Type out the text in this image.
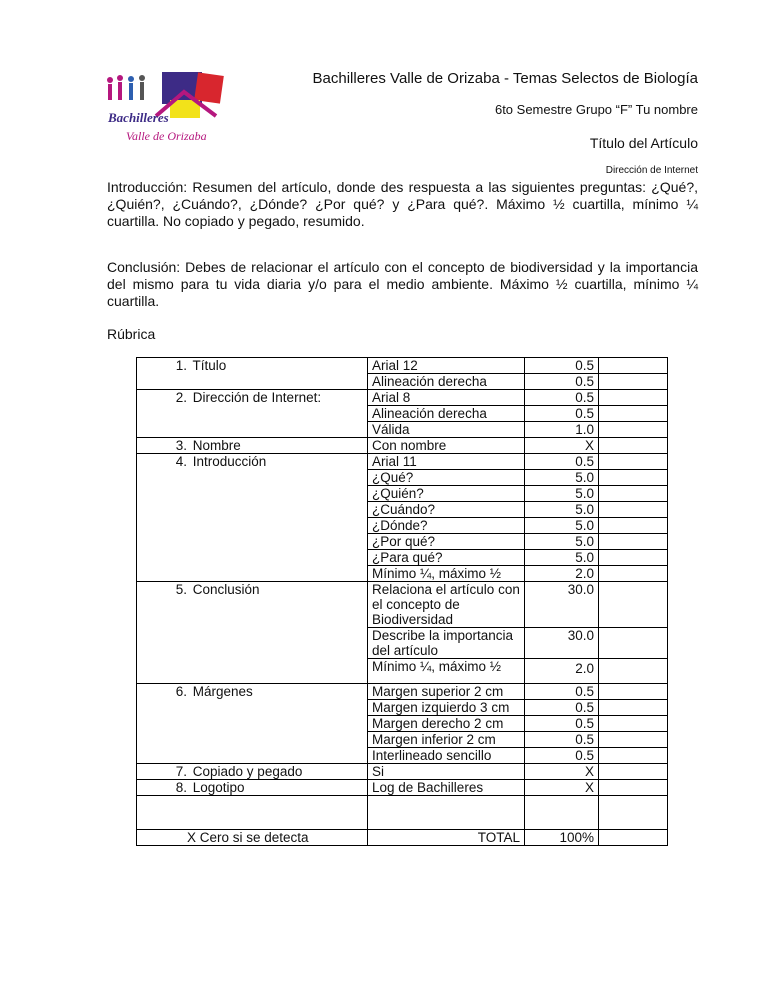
Bachilleres
Valle de Orizaba
Bachilleres Valle de Orizaba - Temas Selectos de Biología
6to Semestre Grupo “F” Tu nombre
Título del Artículo
Dirección de Internet

Introducción: Resumen del artículo, donde des respuesta a las siguientes preguntas: ¿Qué?, ¿Quién?, ¿Cuándo?, ¿Dónde? ¿Por qué? y ¿Para qué?. Máximo ½ cuartilla, mínimo ¼ cuartilla. No copiado y pegado, resumido.

Conclusión: Debes de relacionar el artículo con el concepto de biodiversidad y la importancia del mismo para tu vida diaria y/o para el medio ambiente. Máximo ½ cuartilla, mínimo ¼ cuartilla.

Rúbrica
1. Título	Arial 12	0.5	
	Alineación derecha	0.5	
2. Dirección de Internet:	Arial 8	0.5	
	Alineación derecha	0.5	
	Válida	1.0	
3. Nombre	Con nombre	X	
4. Introducción	Arial 11	0.5	
	¿Qué?	5.0	
	¿Quién?	5.0	
	¿Cuándo?	5.0	
	¿Dónde?	5.0	
	¿Por qué?	5.0	
	¿Para qué?	5.0	
	Mínimo ¼, máximo ½	2.0	
5. Conclusión	Relaciona el artículo con el concepto de Biodiversidad	30.0	
	Describe la importancia del artículo	30.0	
	Mínimo ¼, máximo ½	2.0	
6. Márgenes	Margen superior 2 cm	0.5	
	Margen izquierdo 3 cm	0.5	
	Margen derecho 2 cm	0.5	
	Margen inferior 2 cm	0.5	
	Interlineado sencillo	0.5	
7. Copiado y pegado	Si	X	
8. Logotipo	Log de Bachilleres	X	

X Cero si se detecta	TOTAL	100%	
